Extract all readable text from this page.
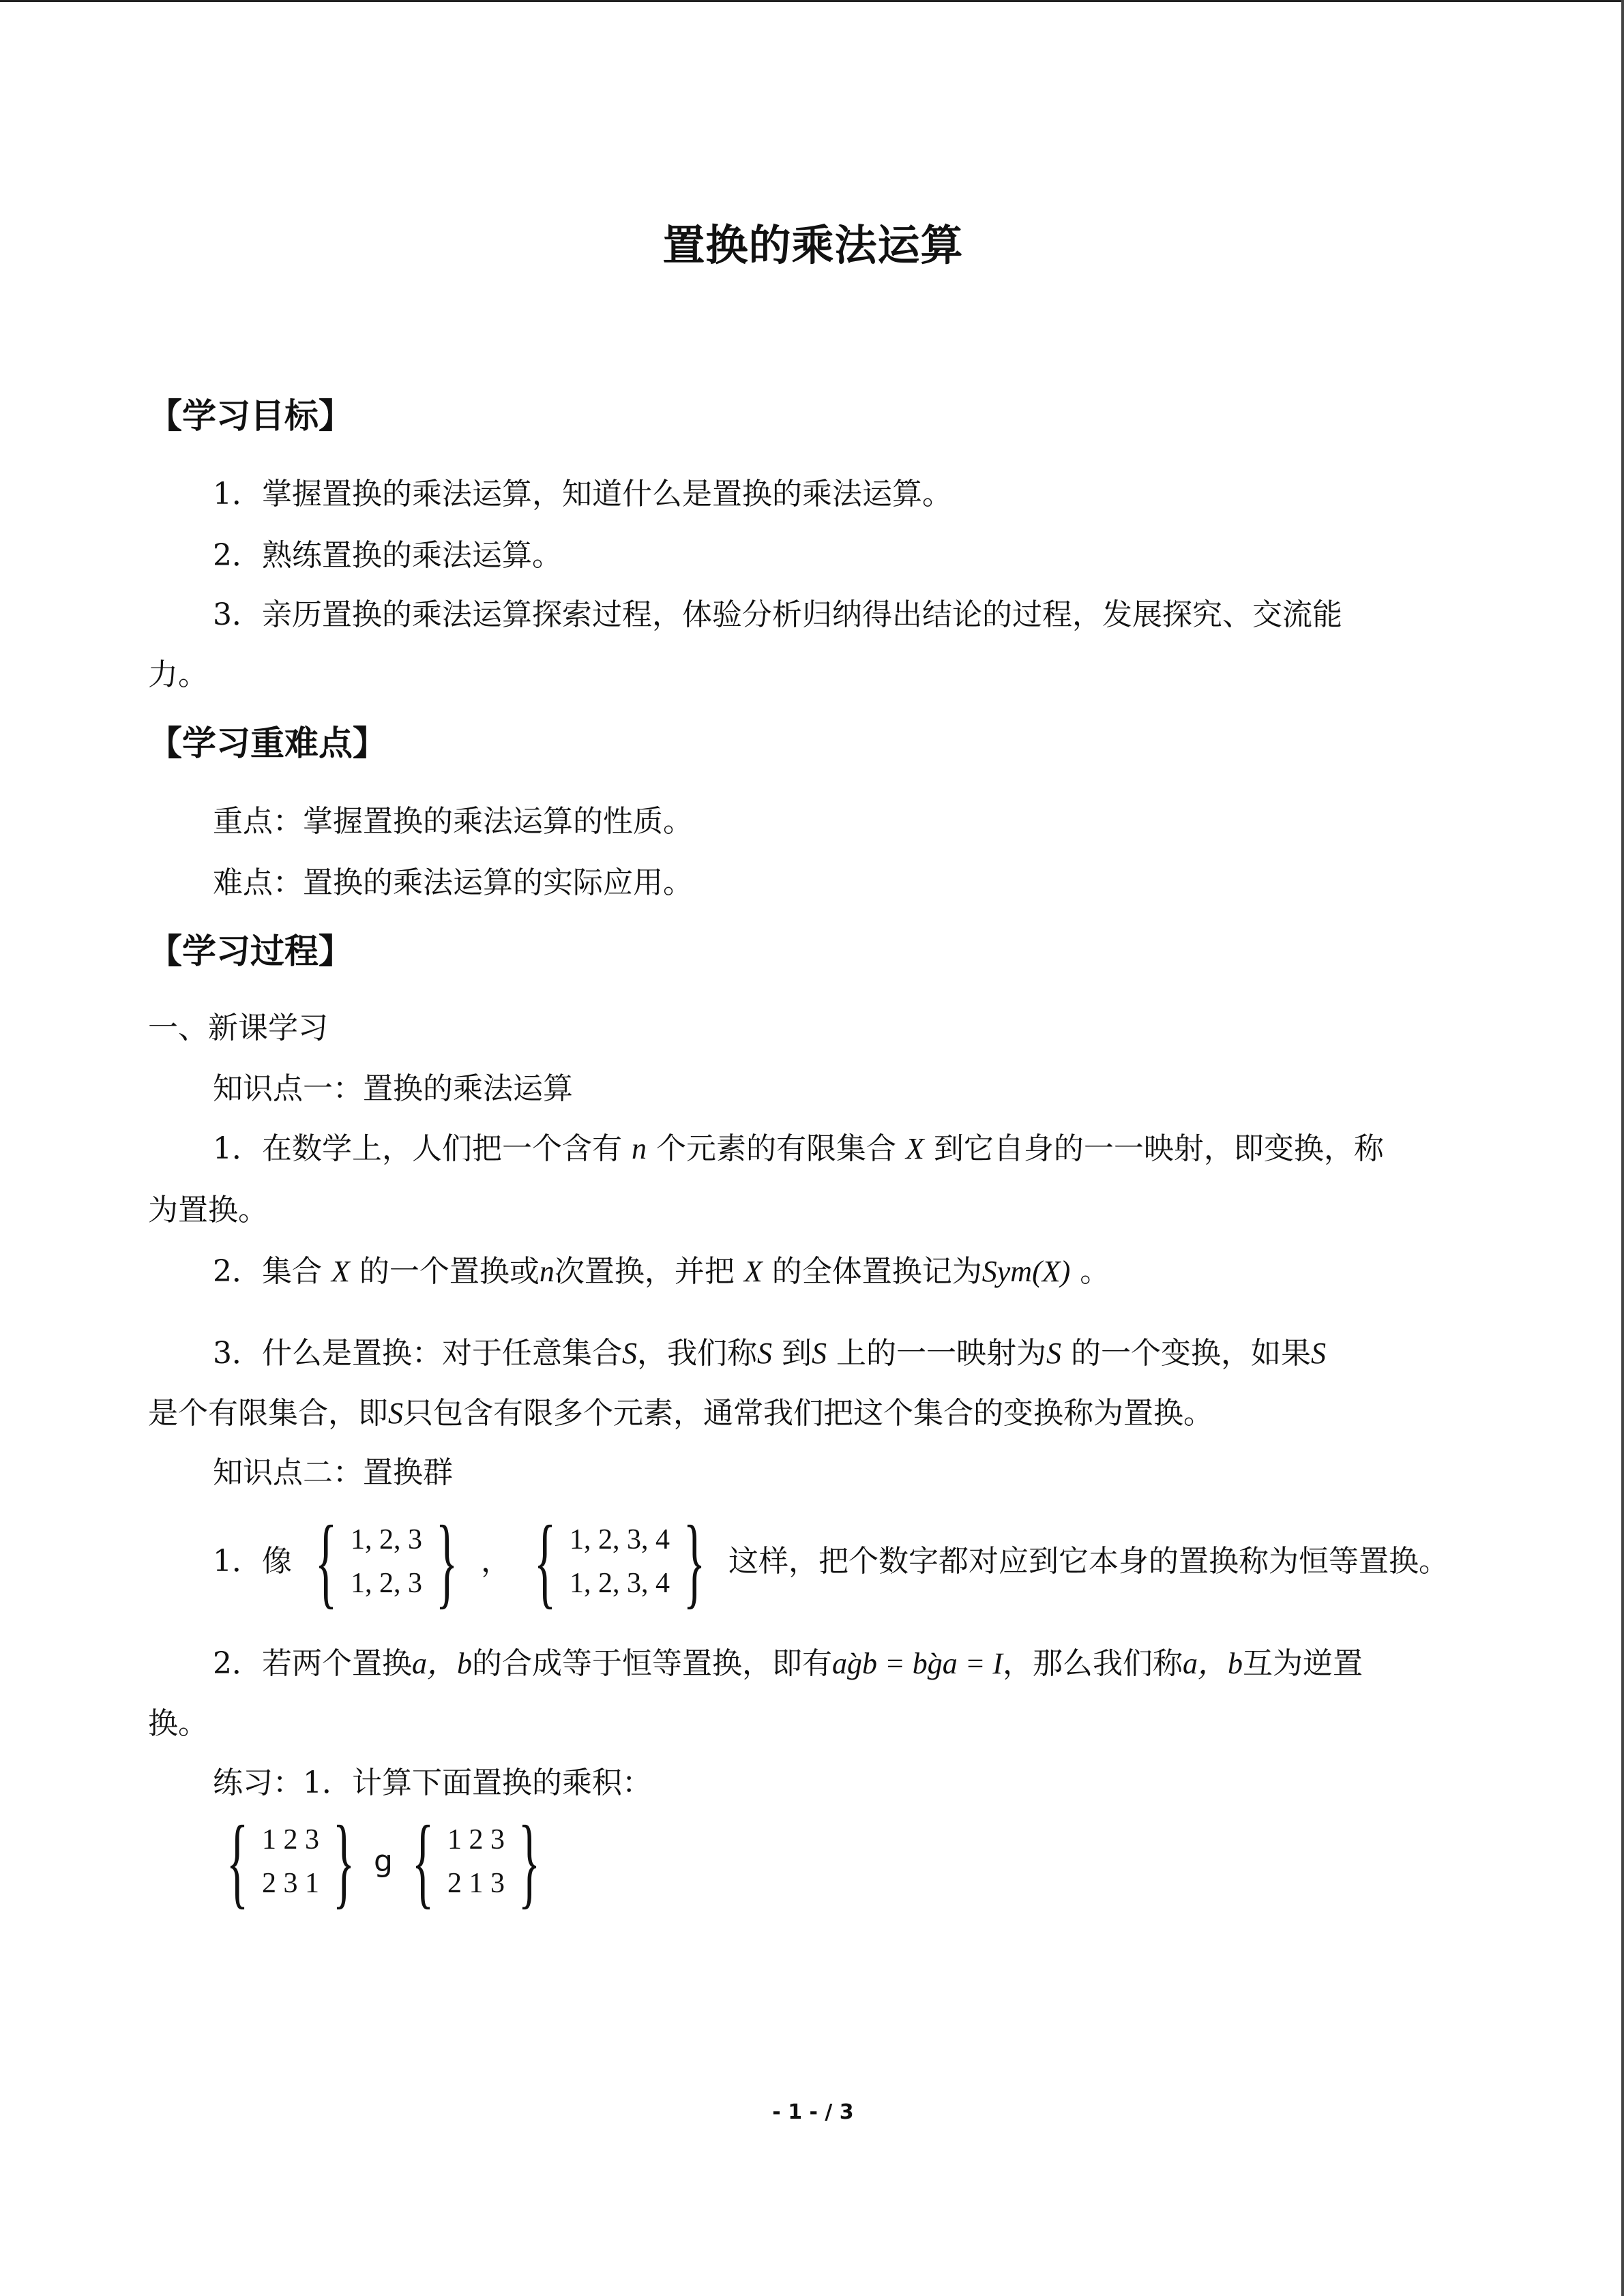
置换的乘法运算
【学习目标】
1．掌握置换的乘法运算，知道什么是置换的乘法运算。
2．熟练置换的乘法运算。
3．亲历置换的乘法运算探索过程，体验分析归纳得出结论的过程，发展探究、交流能
力。
【学习重难点】
重点：掌握置换的乘法运算的性质。
难点：置换的乘法运算的实际应用。
【学习过程】
一、新课学习
知识点一：置换的乘法运算
1．在数学上，人们把一个含有 n 个元素的有限集合 X 到它自身的一一映射，即变换，称
为置换。
2．集合 X 的一个置换或n次置换，并把 X 的全体置换记为Sym(X) 。
3．什么是置换：对于任意集合S，我们称S 到S 上的一一映射为S 的一个变换，如果S
是个有限集合，即S只包含有限多个元素，通常我们把这个集合的变换称为置换。
知识点二：置换群
1．像 { 1, 2, 3
1, 2, 3 } ， { 1, 2, 3, 4
1, 2, 3, 4 } 这样，把个数字都对应到它本身的置换称为恒等置换。
2．若两个置换a，b的合成等于恒等置换，即有ag̀b = bg̀a = I，那么我们称a，b互为逆置
换。
练习：1．计算下面置换的乘积：
{ 1 2 3
2 3 1 } g { 1 2 3
2 1 3 }
- 1 - / 3
